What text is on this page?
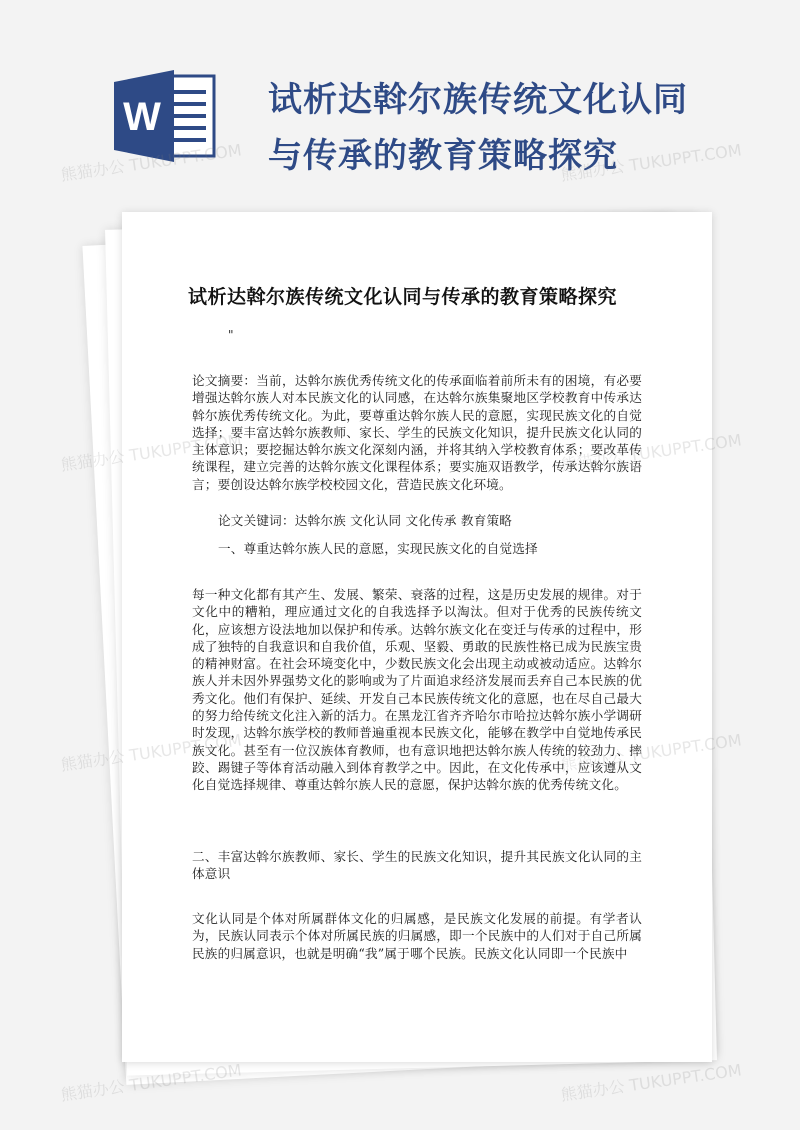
W	试析达斡尔族传统文化认同与传承的教育策略探究
试析达斡尔族传统文化认同与传承的教育策略探究
"
论文摘要：当前，达斡尔族优秀传统文化的传承面临着前所未有的困境，有必要增强达斡尔族人对本民族文化的认同感，在达斡尔族集聚地区学校教育中传承达斡尔族优秀传统文化。为此，要尊重达斡尔族人民的意愿，实现民族文化的自觉选择；要丰富达斡尔族教师、家长、学生的民族文化知识，提升民族文化认同的主体意识；要挖掘达斡尔族文化深刻内涵，并将其纳入学校教育体系；要改革传统课程，建立完善的达斡尔族文化课程体系；要实施双语教学，传承达斡尔族语言；要创设达斡尔族学校校园文化，营造民族文化环境。
论文关键词：达斡尔族 文化认同 文化传承 教育策略
一、尊重达斡尔族人民的意愿，实现民族文化的自觉选择
每一种文化都有其产生、发展、繁荣、衰落的过程，这是历史发展的规律。对于文化中的糟粕，理应通过文化的自我选择予以淘汰。但对于优秀的民族传统文化，应该想方设法地加以保护和传承。达斡尔族文化在变迁与传承的过程中，形成了独特的自我意识和自我价值，乐观、坚毅、勇敢的民族性格已成为民族宝贵的精神财富。在社会环境变化中，少数民族文化会出现主动或被动适应。达斡尔族人并未因外界强势文化的影响或为了片面追求经济发展而丢弃自己本民族的优秀文化。他们有保护、延续、开发自己本民族传统文化的意愿，也在尽自己最大的努力给传统文化注入新的活力。在黑龙江省齐齐哈尔市哈拉达斡尔族小学调研时发现，达斡尔族学校的教师普遍重视本民族文化，能够在教学中自觉地传承民族文化。甚至有一位汉族体育教师，也有意识地把达斡尔族人传统的较劲力、摔跤、踢键子等体育活动融入到体育教学之中。因此，在文化传承中，应该遵从文化自觉选择规律、尊重达斡尔族人民的意愿，保护达斡尔族的优秀传统文化。
二、丰富达斡尔族教师、家长、学生的民族文化知识，提升其民族文化认同的主体意识
文化认同是个体对所属群体文化的归属感，是民族文化发展的前提。有学者认为，民族认同表示个体对所属民族的归属感，即一个民族中的人们对于自己所属民族的归属意识，也就是明确“我”属于哪个民族。民族文化认同即一个民族中
熊猫办公 TUKUPPT.COM	熊猫办公 TUKUPPT.COM
熊猫办公
熊猫办公	熊猫办公 TUKUPPT.COM
